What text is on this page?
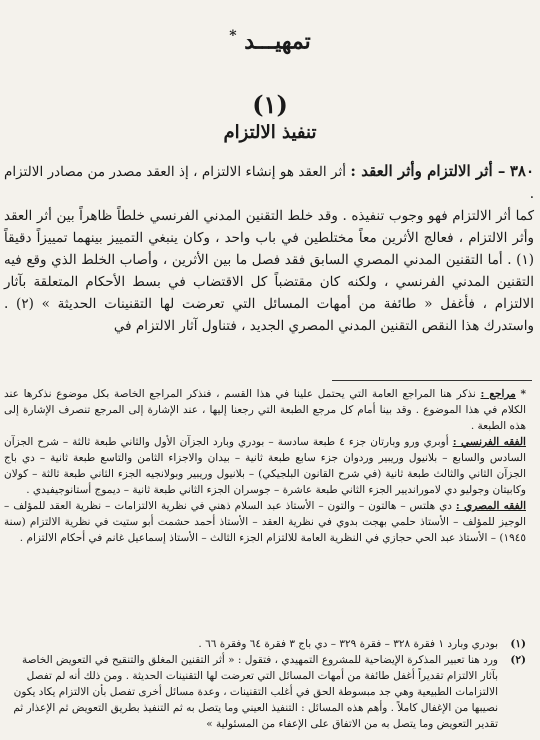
تمهيـــد *
(١)
تنفيذ الالتزام

٣٨٠ – أثر الالتزام وأثر العقد : أثر العقد هو إنشاء الالتزام ، إذ العقد مصدر من مصادر الالتزام .

كما أثر الالتزام فهو وجوب تنفيذه . وقد خلط التقنين المدني الفرنسي خلطاً ظاهراً بين أثر العقد وأثر الالتزام ، فعالج الأثرين معاً مختلطين في باب واحد ، وكان ينبغي التمييز بينهما تمييزاً دقيقاً (١) . أما التقنين المدني المصري السابق فقد فصل ما بين الأثرين ، وأصاب الخلط الذي وقع فيه التقنين المدني الفرنسي ، ولكنه كان مقتضباً كل الاقتضاب في بسط الأحكام المتعلقة بآثار الالتزام ، فأغفل « طائفة من أمهات المسائل التي تعرضت لها التقنينات الحديثة » (٢) . واستدرك هذا النقص التقنين المدني المصري الجديد ، فتناول آثار الالتزام في

* مراجع : نذكر هنا المراجع العامة التي يحتمل علينا في هذا القسم ، فنذكر المراجع الخاصة بكل موضوع نذكرها عند الكلام في هذا الموضوع . وقد بينا أمام كل مرجع الطبعة التي رجعنا إليها ، عند الإشارة إلى المرجع تنصرف الإشارة إلى هذه الطبعة .
الفقه الفرنسي : أوبري ورو وبارتان جزء ٤ طبعة سادسة – بودري وبارد الجزآن الأول والثاني طبعة ثالثة – شرح الجزآن السادس والسابع – بلانيول وريبير وردوان جزء سابع طبعة ثانية – بيدان والاجزاء الثامن والتاسع طبعة ثانية – دي باج الجزآن الثاني والثالث طبعة ثانية (في شرح القانون البلجيكي) – بلانيول وريبير وبولانجيه الجزء الثاني طبعة ثالثة – كولان وكابيتان وجوليو دي لامورانديير الجزء الثاني طبعة عاشرة – جوسران الجزء الثاني طبعة ثانية – ديموج أستانوجيفيدي .
الفقه المصري : دي هلتس – هالتون – والتون – الأستاذ عبد السلام ذهني في نظرية الالتزامات – نظرية العقد للمؤلف – الوجيز للمؤلف – الأستاذ حلمي بهجت بدوي في نظرية العقد – الأستاذ أحمد حشمت أبو ستيت في نظرية الالتزام (سنة ١٩٤٥) – الأستاذ عبد الحي حجازي في النظرية العامة للالتزام الجزء الثالث – الأستاذ إسماعيل غانم في أحكام الالتزام .
(١)
بودري وبارد ١ فقرة ٣٢٨ – فقرة ٣٢٩ – دي باج ٣ فقرة ٦٤ وفقرة ٦٦ .
(٢)
ورد هنا تعبير المذكرة الإيضاحية للمشروع التمهيدي ، فتقول : « أثر التقنين المغلق والتنقيح في التعويض الخاصة بآثار الالتزام تقديراً أغفل طائفة من أمهات المسائل التي تعرضت لها التقنينات الحديثة . ومن ذلك أنه لم تفصل الالتزامات الطبيعية وهي جد مبسوطة الحق في أغلب التقنينات ، وعدة مسائل أخرى تفصل بأن الالتزام يكاد يكون نصيبها من الإغفال كاملاً . وأهم هذه المسائل : التنفيذ العيني وما يتصل به ثم التنفيذ بطريق التعويض ثم الإعذار ثم تقدير التعويض وما يتصل به من الاتفاق على الإعفاء من المسئولية »
